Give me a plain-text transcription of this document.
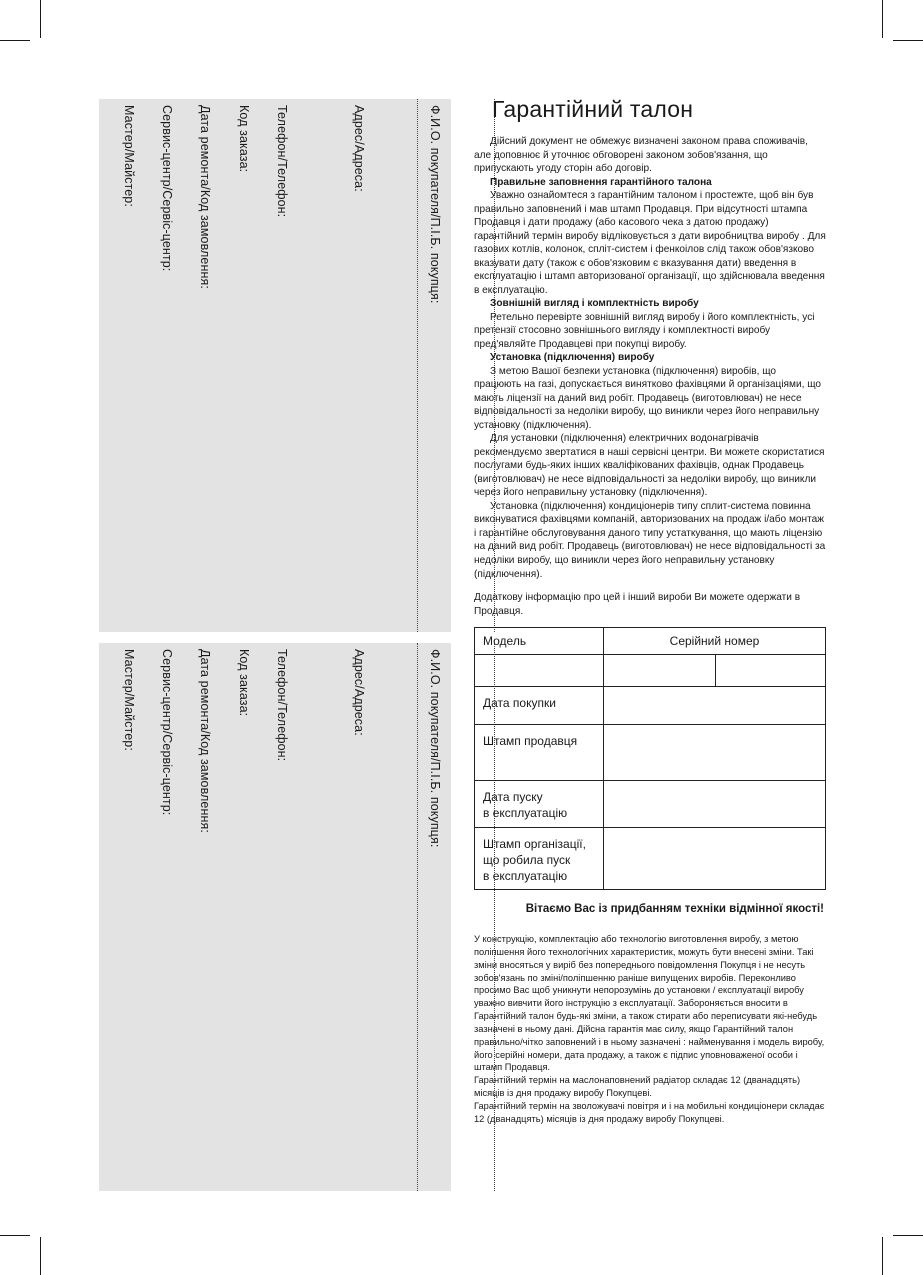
Ф.И.О. покупателя/П.І.Б. покупця:
Адрес/Адреса:
Телефон/Телефон:
Код заказа:
Дата ремонта/Код замовлення:
Сервис-центр/Сервіс-центр:
Мастер/Майстер:
Ф.И.О. покупателя/П.І.Б. покупця:
Адрес/Адреса:
Телефон/Телефон:
Код заказа:
Дата ремонта/Код замовлення:
Сервис-центр/Сервіс-центр:
Мастер/Майстер:
Гарантійний талон

Дійсний документ не обмежує визначені законом права споживачів, але доповнює й уточнює обговорені законом зобов'язання, що припускають угоду сторін або договір.

Правильне заповнення гарантійного талона

Уважно ознайомтеся з гарантійним талоном і простежте, щоб він був правильно заповнений і мав штамп Продавця. При відсутності штампа Продавця і дати продажу (або касового чека з датою продажу) гарантійний термін виробу відліковується з дати виробництва виробу . Для газових котлів, колонок, спліт-систем і фенкоілов слід також обов'язково вказувати дату (також є обов'язковим є вказування дати) введення в експлуатацію і штамп авторизованої організації, що здійснювала введення в експлуатацію.

Зовнішній вигляд і комплектність виробу

Ретельно перевірте зовнішній вигляд виробу і його комплектність, усі претензії стосовно зовнішнього вигляду і комплектності виробу пред'являйте Продавцеві при покупці виробу.

Установка (підключення) виробу

З метою Вашої безпеки установка (підключення) виробів, що працюють на газі, допускається винятково фахівцями й організаціями, що мають ліцензії на даний вид робіт. Продавець (виготовлювач) не несе відповідальності за недоліки виробу, що виникли через його неправильну установку (підключення).

Для установки (підключення) електричних водонагрівачів рекомендуємо звертатися в наші сервісні центри. Ви можете скористатися послугами будь-яких інших кваліфікованих фахівців, однак Продавець (виготовлювач) не несе відповідальності за недоліки виробу, що виникли через його неправильну установку (підключення).

Установка (підключення) кондиціонерів типу сплит-система повинна виконуватися фахівцями компаній, авторизованих на продаж і/або монтаж і гарантійне обслуговування даного типу устаткування, що мають ліцензію на даний вид робіт. Продавець (виготовлювач) не несе відповідальності за недоліки виробу, що виникли через його неправильну установку (підключення).

Додаткову інформацію про цей і інший вироби Ви можете одержати в Продавця.

Модель	Серійний номер	

Дата покупки		
Штамп продавця		

Дата пуску
в експлуатацію		

Штамп організації,
що робила пуск
в експлуатацію		

Вітаємо Вас із придбанням техніки відмінної якості!

У конструкцію, комплектацію або технологію виготовлення виробу, з метою поліпшення його технологічних характеристик, можуть бути внесені зміни. Такі зміни вносяться у виріб без попереднього повідомлення Покупця і не несуть зобов'язань по зміні/поліпшенню раніше випущених виробів. Переконливо просимо Вас щоб уникнути непорозумінь до установки / експлуатації виробу уважно вивчити його інструкцію з експлуатації. Забороняється вносити в Гарантійний талон будь-які зміни, а також стирати або переписувати які-небудь зазначені в ньому дані. Дійсна гарантія має силу, якщо Гарантійний талон правильно/чітко заповнений і в ньому зазначені : найменування і модель виробу, його серійні номери, дата продажу, а також є підпис уповноваженої особи і штамп Продавця.

Гарантійний термін на маслонаповнений радіатор складає 12 (дванадцять) місяців із дня продажу виробу Покупцеві.

Гарантійний термін на зволожувачі повітря и і на мобильні кондиціонери складає 12 (дванадцять) місяців із дня продажу виробу Покупцеві.
